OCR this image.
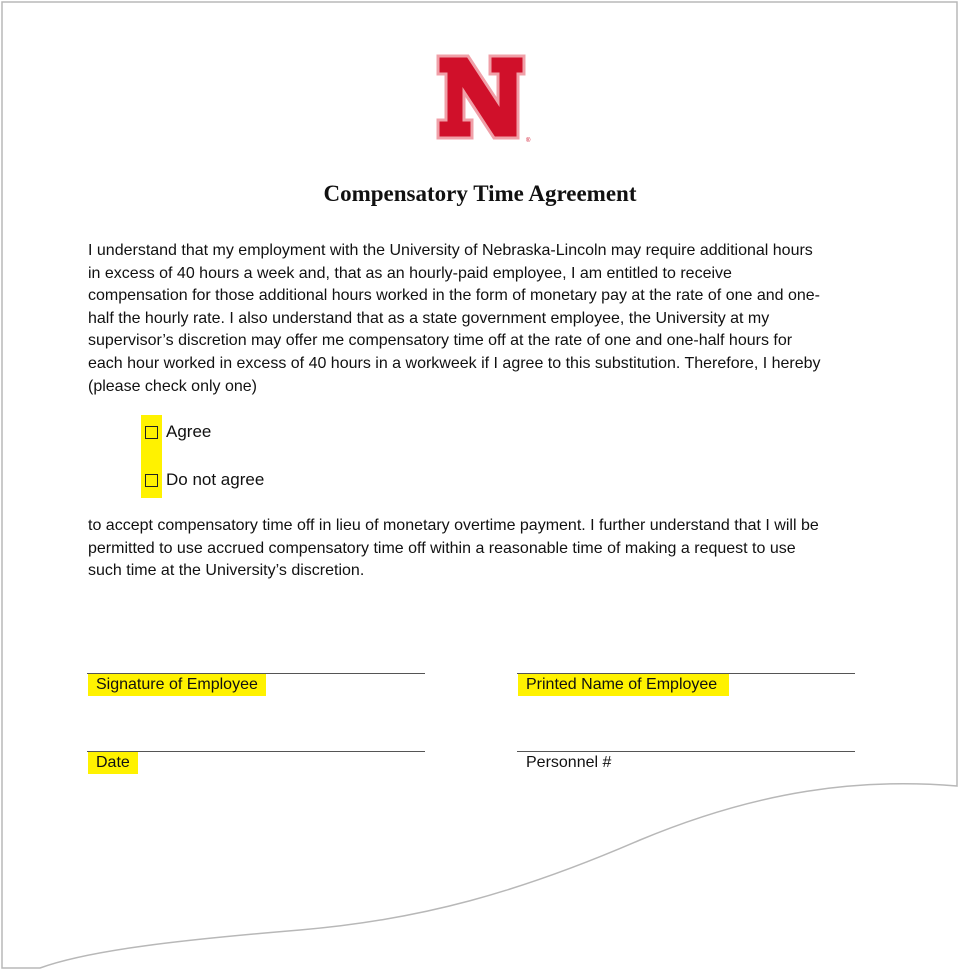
®
Compensatory Time Agreement
I understand that my employment with the University of Nebraska-Lincoln may require additional hours
in excess of 40 hours a week and, that as an hourly-paid employee, I am entitled to receive
compensation for those additional hours worked in the form of monetary pay at the rate of one and one-
half the hourly rate. I also understand that as a state government employee, the University at my
supervisor’s discretion may offer me compensatory time off at the rate of one and one-half hours for
each hour worked in excess of 40 hours in a workweek if I agree to this substitution. Therefore, I hereby
(please check only one)
Agree
Do not agree
to accept compensatory time off in lieu of monetary overtime payment. I further understand that I will be
permitted to use accrued compensatory time off within a reasonable time of making a request to use
such time at the University’s discretion.
Signature of Employee	Printed Name of Employee
Date	Personnel #
